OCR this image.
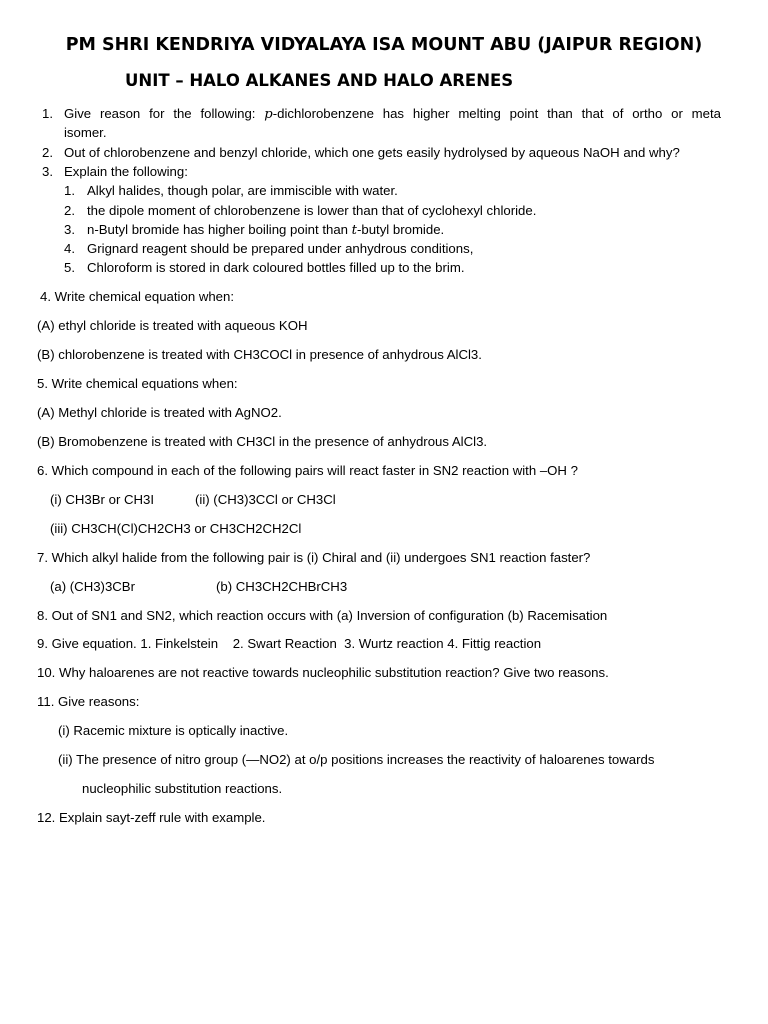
PM SHRI KENDRIYA VIDYALAYA ISA MOUNT ABU (JAIPUR REGION)
UNIT – HALO ALKANES AND HALO ARENES
1. Give reason for the following: p-dichlorobenzene has higher melting point than that of ortho or meta
isomer.
2. Out of chlorobenzene and benzyl chloride, which one gets easily hydrolysed by aqueous NaOH and why?
3. Explain the following:
1. Alkyl halides, though polar, are immiscible with water.
2. the dipole moment of chlorobenzene is lower than that of cyclohexyl chloride.
3. n-Butyl bromide has higher boiling point than t-butyl bromide.
4. Grignard reagent should be prepared under anhydrous conditions,
5. Chloroform is stored in dark coloured bottles filled up to the brim.
4. Write chemical equation when:
(A) ethyl chloride is treated with aqueous KOH
(B) chlorobenzene is treated with CH3COCl in presence of anhydrous AlCl3.
5. Write chemical equations when:
(A) Methyl chloride is treated with AgNO2.
(B) Bromobenzene is treated with CH3Cl in the presence of anhydrous AlCl3.
6. Which compound in each of the following pairs will react faster in SN2 reaction with –OH ?
(i) CH3Br or CH3I	(ii) (CH3)3CCl or CH3Cl
(iii) CH3CH(Cl)CH2CH3 or CH3CH2CH2Cl
7. Which alkyl halide from the following pair is (i) Chiral and (ii) undergoes SN1 reaction faster?
(a) (CH3)3CBr	(b) CH3CH2CHBrCH3
8. Out of SN1 and SN2, which reaction occurs with (a) Inversion of configuration (b) Racemisation
9. Give equation. 1. Finkelstein    2. Swart Reaction  3. Wurtz reaction 4. Fittig reaction
10. Why haloarenes are not reactive towards nucleophilic substitution reaction? Give two reasons.
11. Give reasons:
(i) Racemic mixture is optically inactive.
(ii) The presence of nitro group (—NO2) at o/p positions increases the reactivity of haloarenes towards
nucleophilic substitution reactions.
12. Explain sayt-zeff rule with example.
